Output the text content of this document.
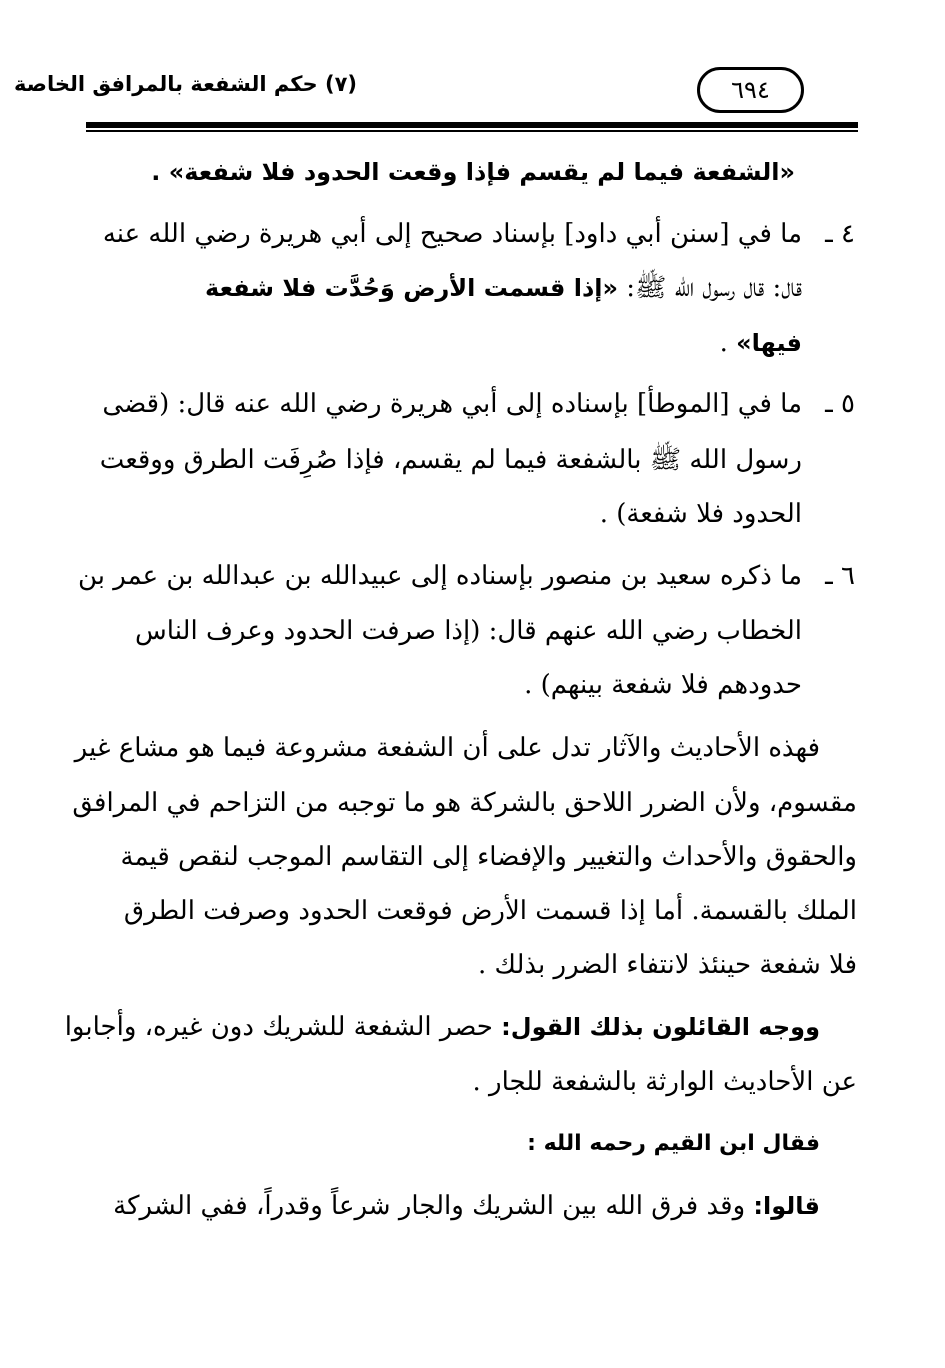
(٧) حكم الشفعة بالمرافق الخاصة	٦٩٤
«الشفعة فيما لم يقسم فإذا وقعت الحدود فلا شفعة» .
٤ ـ
ما في [سنن أبي داود] بإسناد صحيح إلى أبي هريرة رضي الله عنه
قال: قال رسول الله ﷺ: «إذا قسمت الأرض وَحُدَّت فلا شفعة
فيها» .
٥ ـ
ما في [الموطأ] بإسناده إلى أبي هريرة رضي الله عنه قال: (قضى
رسول الله ﷺ بالشفعة فيما لم يقسم، فإذا صُرِفَت الطرق ووقعت
الحدود فلا شفعة) .
٦ ـ
ما ذكره سعيد بن منصور بإسناده إلى عبيدالله بن عبدالله بن عمر بن
الخطاب رضي الله عنهم قال: (إذا صرفت الحدود وعرف الناس
حدودهم فلا شفعة بينهم) .
فهذه الأحاديث والآثار تدل على أن الشفعة مشروعة فيما هو مشاع غير
مقسوم، ولأن الضرر اللاحق بالشركة هو ما توجبه من التزاحم في المرافق
والحقوق والأحداث والتغيير والإفضاء إلى التقاسم الموجب لنقص قيمة
الملك بالقسمة. أما إذا قسمت الأرض فوقعت الحدود وصرفت الطرق
فلا شفعة حينئذ لانتفاء الضرر بذلك .
ووجه القائلون بذلك القول: حصر الشفعة للشريك دون غيره، وأجابوا
عن الأحاديث الوارثة بالشفعة للجار .
فقال ابن القيم رحمه الله :
قالوا: وقد فرق الله بين الشريك والجار شرعاً وقدراً، ففي الشركة
